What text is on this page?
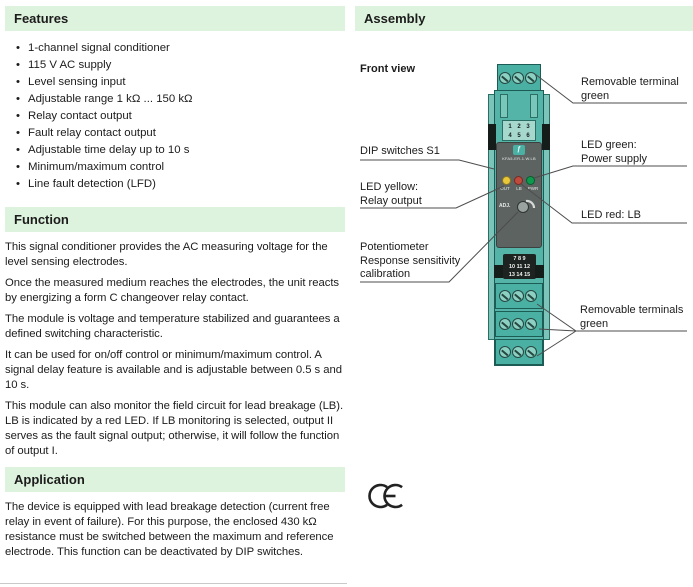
Features
• 1-channel signal conditioner
• 115 V AC supply
• Level sensing input
• Adjustable range 1 kΩ ... 150 kΩ
• Relay contact output
• Fault relay contact output
• Adjustable time delay up to 10 s
• Minimum/maximum control
• Line fault detection (LFD)
Function

This signal conditioner provides the AC measuring voltage for the level sensing electrodes.

Once the measured medium reaches the electrodes, the unit reacts by energizing a form C changeover relay contact.

The module is voltage and temperature stabilized and guarantees a defined switching characteristic.

It can be used for on/off control or minimum/maximum control. A signal delay feature is available and is adjustable between 0.5 s and 10 s.

This module can also monitor the field circuit for lead breakage (LB). LB is indicated by a red LED. If LB monitoring is selected, output II serves as the fault signal output; otherwise, it will follow the function of output I.

Application

The device is equipped with lead breakage detection (current free relay in event of failure). For this purpose, the enclosed 430 kΩ resistance must be switched between the maximum and reference electrode. This function can be deactivated by DIP switches.

Assembly
Front view
1 2 3
4 5 6
ƒ
KFA5-ER-1.W.LB
OUT	LB	PWR
ADJ.
7 8 9
10 11 12
13 14 15
Removable terminal
green
DIP switches S1	LED green:
Power supply
LED yellow:
Relay output
LED red: LB
Potentiometer
Response sensitivity
calibration
Removable terminals
green
